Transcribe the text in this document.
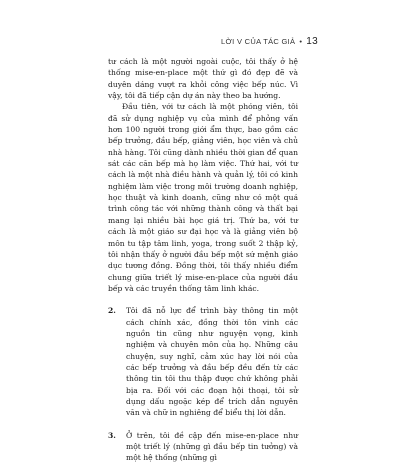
LỜI V CỦA TÁC GIẢ • 13

tư cách là một người ngoài cuộc, tôi thấy ở hệ thống mise-en-place một thứ gì đó đẹp đẽ và duyên dáng vượt ra khỏi công việc bếp núc. Vì vậy, tôi đã tiếp cận dự án này theo ba hướng.

Đầu tiên, với tư cách là một phóng viên, tôi đã sử dụng nghiệp vụ của mình để phỏng vấn hơn 100 người trong giới ẩm thực, bao gồm các bếp trưởng, đầu bếp, giảng viên, học viên và chủ nhà hàng. Tôi cũng dành nhiều thời gian để quan sát các căn bếp mà họ làm việc. Thứ hai, với tư cách là một nhà điều hành và quản lý, tôi có kinh nghiệm làm việc trong môi trường doanh nghiệp, học thuật và kinh doanh, cũng như có một quá trình công tác với những thành công và thất bại mang lại nhiều bài học giá trị. Thứ ba, với tư cách là một giáo sư đại học và là giảng viên bộ môn tu tập tâm linh, yoga, trong suốt 2 thập kỷ, tôi nhận thấy ở người đầu bếp một sứ mệnh giáo dục tương đồng. Đồng thời, tôi thấy nhiều điểm chung giữa triết lý mise-en-place của người đầu bếp và các truyền thống tâm linh khác.

2. Tôi đã nỗ lực để trình bày thông tin một cách chính xác, đồng thời tôn vinh các nguồn tin cũng như nguyện vọng, kinh nghiệm và chuyên môn của họ. Những câu chuyện, suy nghĩ, cảm xúc hay lời nói của các bếp trưởng và đầu bếp đều đến từ các thông tin tôi thu thập được chứ không phải bịa ra. Đối với các đoạn hội thoại, tôi sử dụng dấu ngoặc kép để trích dẫn nguyên văn và chữ in nghiêng để biểu thị lời dẫn.

3. Ở trên, tôi đề cập đến mise-en-place như một triết lý (những gì đầu bếp tin tưởng) và một hệ thống (những gì
